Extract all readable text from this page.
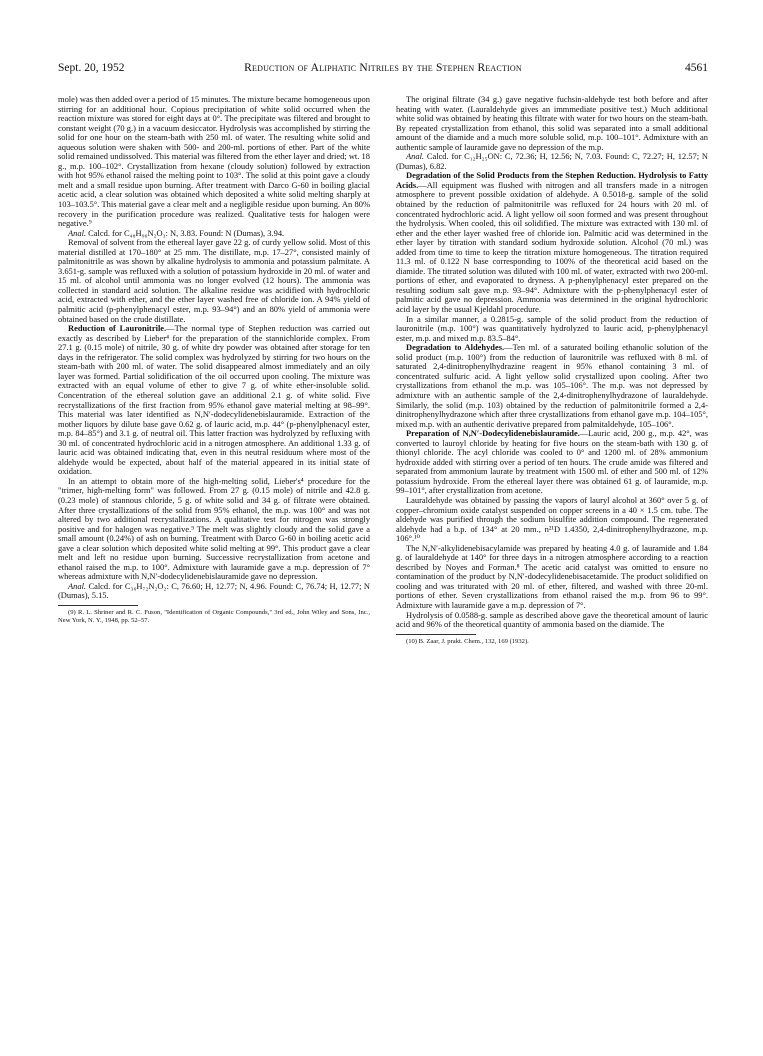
Sept. 20, 1952	Reduction of Aliphatic Nitriles by the Stephen Reaction	4561

mole) was then added over a period of 15 minutes. The mixture became homogeneous upon stirring for an additional hour. Copious precipitation of white solid occurred when the reaction mixture was stored for eight days at 0°. The precipitate was filtered and brought to constant weight (70 g.) in a vacuum desiccator. Hydrolysis was accomplished by stirring the solid for one hour on the steam-bath with 250 ml. of water. The resulting white solid and aqueous solution were shaken with 500- and 200-ml. portions of ether. Part of the white solid remained undissolved. This material was filtered from the ether layer and dried; wt. 18 g., m.p. 100–102°. Crystallization from hexane (cloudy solution) followed by extraction with hot 95% ethanol raised the melting point to 103°. The solid at this point gave a cloudy melt and a small residue upon burning. After treatment with Darco G-60 in boiling glacial acetic acid, a clear solution was obtained which deposited a white solid melting sharply at 103–103.5°. This material gave a clear melt and a negligible residue upon burning. An 80% recovery in the purification procedure was realized. Qualitative tests for halogen were negative.⁹

Anal. Calcd. for C₄₈H₉₆N₂O₃: N, 3.83. Found: N (Dumas), 3.94.

Removal of solvent from the ethereal layer gave 22 g. of curdy yellow solid. Most of this material distilled at 170–180° at 25 mm. The distillate, m.p. 17–27°, consisted mainly of palmitonitrile as was shown by alkaline hydrolysis to ammonia and potassium palmitate. A 3.651-g. sample was refluxed with a solution of potassium hydroxide in 20 ml. of water and 15 ml. of alcohol until ammonia was no longer evolved (12 hours). The ammonia was collected in standard acid solution. The alkaline residue was acidified with hydrochloric acid, extracted with ether, and the ether layer washed free of chloride ion. A 94% yield of palmitic acid (p-phenylphenacyl ester, m.p. 93–94°) and an 80% yield of ammonia were obtained based on the crude distillate.

Reduction of Lauronitrile.—The normal type of Stephen reduction was carried out exactly as described by Lieber⁴ for the preparation of the stannichloride complex. From 27.1 g. (0.15 mole) of nitrile, 30 g. of white dry powder was obtained after storage for ten days in the refrigerator. The solid complex was hydrolyzed by stirring for two hours on the steam-bath with 200 ml. of water. The solid disappeared almost immediately and an oily layer was formed. Partial solidification of the oil occurred upon cooling. The mixture was extracted with an equal volume of ether to give 7 g. of white ether-insoluble solid. Concentration of the ethereal solution gave an additional 2.1 g. of white solid. Five recrystallizations of the first fraction from 95% ethanol gave material melting at 98–99°. This material was later identified as N,N′-dodecylidenebislauramide. Extraction of the mother liquors by dilute base gave 0.62 g. of lauric acid, m.p. 44° (p-phenylphenacyl ester, m.p. 84–85°) and 3.1 g. of neutral oil. This latter fraction was hydrolyzed by refluxing with 30 ml. of concentrated hydrochloric acid in a nitrogen atmosphere. An additional 1.33 g. of lauric acid was obtained indicating that, even in this neutral residuum where most of the aldehyde would be expected, about half of the material appeared in its initial state of oxidation.

In an attempt to obtain more of the high-melting solid, Lieber's⁴ procedure for the "trimer, high-melting form" was followed. From 27 g. (0.15 mole) of nitrile and 42.8 g. (0.23 mole) of stannous chloride, 5 g. of white solid and 34 g. of filtrate were obtained. After three crystallizations of the solid from 95% ethanol, the m.p. was 100° and was not altered by two additional recrystallizations. A qualitative test for nitrogen was strongly positive and for halogen was negative.⁹ The melt was slightly cloudy and the solid gave a small amount (0.24%) of ash on burning. Treatment with Darco G-60 in boiling acetic acid gave a clear solution which deposited white solid melting at 99°. This product gave a clear melt and left no residue upon burning. Successive recrystallization from acetone and ethanol raised the m.p. to 100°. Admixture with lauramide gave a m.p. depression of 7° whereas admixture with N,N′-dodecylidenebislauramide gave no depression.

Anal. Calcd. for C₃₆H₇₂N₂O₂: C, 76.60; H, 12.77; N, 4.96. Found: C, 76.74; H, 12.77; N (Dumas), 5.15.

(9) R. L. Shriner and R. C. Fuson, "Identification of Organic Compounds," 3rd ed., John Wiley and Sons, Inc., New York, N. Y., 1948, pp. 52–57.

The original filtrate (34 g.) gave negative fuchsin-aldehyde test both before and after heating with water. (Lauraldehyde gives an immmediate positive test.) Much additional white solid was obtained by heating this filtrate with water for two hours on the steam-bath. By repeated crystallization from ethanol, this solid was separated into a small additional amount of the diamide and a much more soluble solid, m.p. 100–101°. Admixture with an authentic sample of lauramide gave no depression of the m.p.

Anal. Calcd. for C₁₂H₂₅ON: C, 72.36; H, 12.56; N, 7.03. Found: C, 72.27; H, 12.57; N (Dumas), 6.82.

Degradation of the Solid Products from the Stephen Reduction. Hydrolysis to Fatty Acids.—All equipment was flushed with nitrogen and all transfers made in a nitrogen atmosphere to prevent possible oxidation of aldehyde. A 0.5018-g. sample of the solid obtained by the reduction of palmitonitrile was refluxed for 24 hours with 20 ml. of concentrated hydrochloric acid. A light yellow oil soon formed and was present throughout the hydrolysis. When cooled, this oil solidified. The mixture was extracted with 130 ml. of ether and the ether layer washed free of chloride ion. Palmitic acid was determined in the ether layer by titration with standard sodium hydroxide solution. Alcohol (70 ml.) was added from time to time to keep the titration mixture homogeneous. The titration required 11.3 ml. of 0.122 N base corresponding to 100% of the theoretical acid based on the diamide. The titrated solution was diluted with 100 ml. of water, extracted with two 200-ml. portions of ether, and evaporated to dryness. A p-phenylphenacyl ester prepared on the resulting sodium salt gave m.p. 93–94°. Admixture with the p-phenylphenacyl ester of palmitic acid gave no depression. Ammonia was determined in the original hydrochloric acid layer by the usual Kjeldahl procedure.

In a similar manner, a 0.2815-g. sample of the solid product from the reduction of lauronitrile (m.p. 100°) was quantitatively hydrolyzed to lauric acid, p-phenylphenacyl ester, m.p. and mixed m.p. 83.5–84°.

Degradation to Aldehydes.—Ten ml. of a saturated boiling ethanolic solution of the solid product (m.p. 100°) from the reduction of lauronitrile was refluxed with 8 ml. of saturated 2,4-dinitrophenylhydrazine reagent in 95% ethanol containing 3 ml. of concentrated sulfuric acid. A light yellow solid crystallized upon cooling. After two crystallizations from ethanol the m.p. was 105–106°. The m.p. was not depressed by admixture with an authentic sample of the 2,4-dinitrophenylhydrazone of lauraldehyde. Similarly, the solid (m.p. 103) obtained by the reduction of palmitonitrile formed a 2,4-dinitrophenylhydrazone which after three crystallizations from ethanol gave m.p. 104–105°, mixed m.p. with an authentic derivative prepared from palmitaldehyde, 105–106°.

Preparation of N,N′-Dodecylidenebislauramide.—Lauric acid, 200 g., m.p. 42°, was converted to lauroyl chloride by heating for five hours on the steam-bath with 130 g. of thionyl chloride. The acyl chloride was cooled to 0° and 1200 ml. of 28% ammonium hydroxide added with stirring over a period of ten hours. The crude amide was filtered and separated from ammonium laurate by treatment with 1500 ml. of ether and 500 ml. of 12% potassium hydroxide. From the ethereal layer there was obtained 61 g. of lauramide, m.p. 99–101°, after crystallization from acetone.

Lauraldehyde was obtained by passing the vapors of lauryl alcohol at 360° over 5 g. of copper–chromium oxide catalyst suspended on copper screens in a 40 × 1.5 cm. tube. The aldehyde was purified through the sodium bisulfite addition compound. The regenerated aldehyde had a b.p. of 134° at 20 mm., n²¹D 1.4350, 2,4-dinitrophenylhydrazone, m.p. 106°.¹⁰

The N,N′-alkylidenebisacylamide was prepared by heating 4.0 g. of lauramide and 1.84 g. of lauraldehyde at 140° for three days in a nitrogen atmosphere according to a reaction described by Noyes and Forman.⁸ The acetic acid catalyst was omitted to ensure no contamination of the product by N,N′-dodecylidenebisacetamide. The product solidified on cooling and was triturated with 20 ml. of ether, filtered, and washed with three 20-ml. portions of ether. Seven crystallizations from ethanol raised the m.p. from 96 to 99°. Admixture with lauramide gave a m.p. depression of 7°.

Hydrolysis of 0.0588-g. sample as described above gave the theoretical amount of lauric acid and 96% of the theoretical quantity of ammonia based on the diamide. The

(10) B. Zaar, J. prakt. Chem., 132, 169 (1932).
